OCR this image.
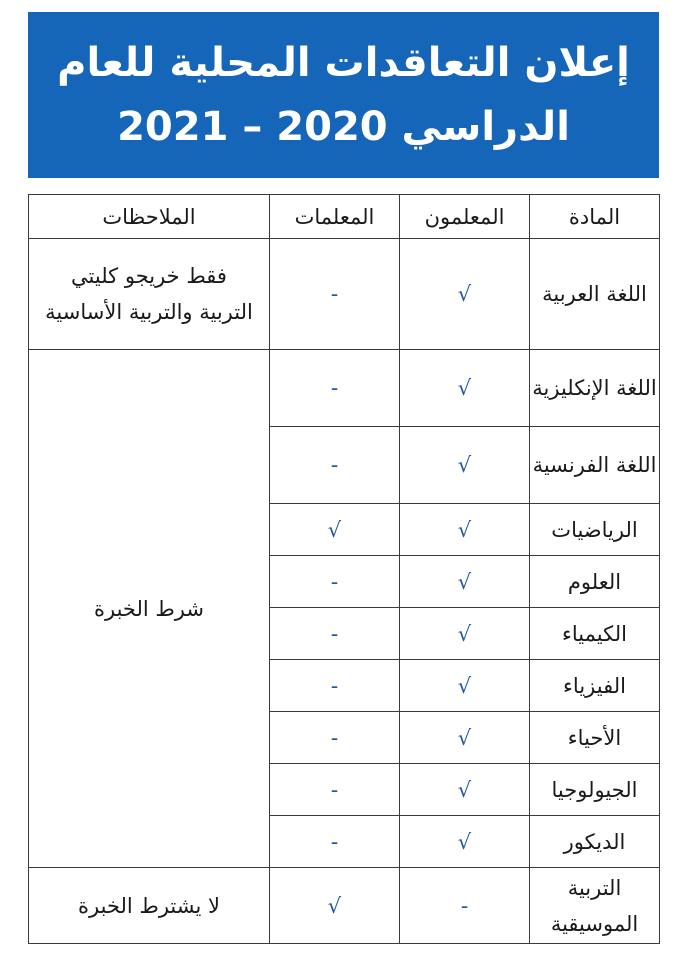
إعلان التعاقدات المحلية للعام
الدراسي 2020 – 2021
المادة	المعلمون	المعلمات	الملاحظات
اللغة العربية	√	-	فقط خريجو كليتي التربية والتربية الأساسية
اللغة الإنكليزية	√	-	شرط الخبرة
اللغة الفرنسية	√	-	
الرياضيات	√	√	
العلوم	√	-	
الكيمياء	√	-	
الفيزياء	√	-	
الأحياء	√	-	
الجيولوجيا	√	-	
الديكور	√	-	
التربية الموسيقية	-	√	لا يشترط الخبرة
